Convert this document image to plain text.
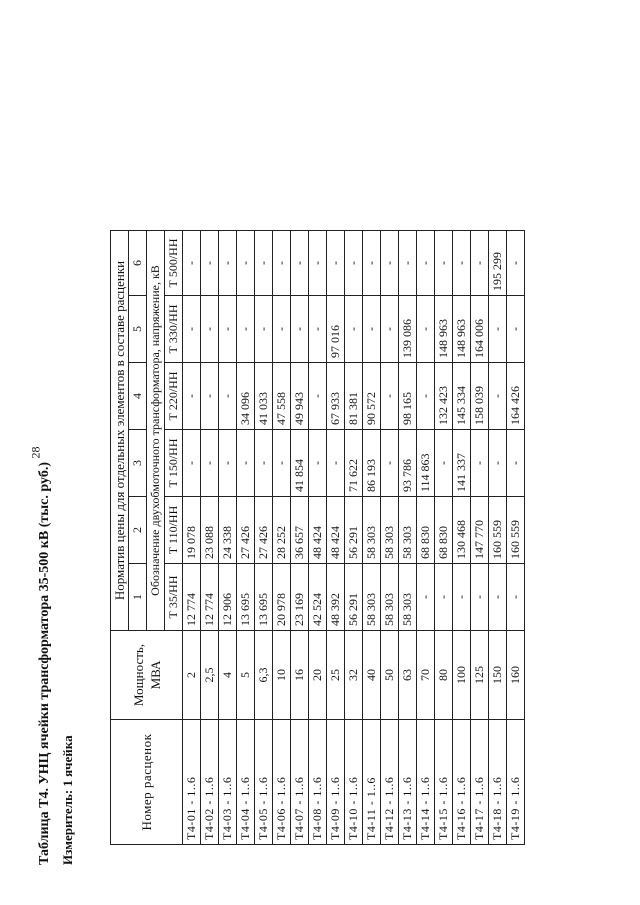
28
Таблица Т4. УНЦ ячейки трансформатора 35-500 кВ (тыс. руб.) Измеритель: 1 ячейка	Номер расценок	Мощность, МВА	Норматив цены для отдельных элементов в составе расценки					
		1	2	3	4	5	6
		Обозначение двухобмоточного трансформатора, напряжение, кВ					
		Т 35/НН	Т 110/НН	Т 150/НН	Т 220/НН	Т 330/НН	Т 500/НН
Т4-01 - 1..6	2	12 774	19 078	-	-	-	-
Т4-02 - 1..6	2,5	12 774	23 088	-	-	-	-
Т4-03 - 1..6	4	12 906	24 338	-	-	-	-
Т4-04 - 1..6	5	13 695	27 426	-	34 096	-	-
Т4-05 - 1..6	6,3	13 695	27 426	-	41 033	-	-
Т4-06 - 1..6	10	20 978	28 252	-	47 558	-	-
Т4-07 - 1..6	16	23 169	36 657	41 854	49 943	-	-
Т4-08 - 1..6	20	42 524	48 424	-	-	-	-
Т4-09 - 1..6	25	48 392	48 424	-	67 933	97 016	-
Т4-10 - 1..6	32	56 291	56 291	71 622	81 381	-	-
Т4-11 - 1..6	40	58 303	58 303	86 193	90 572	-	-
Т4-12 - 1..6	50	58 303	58 303	-	-	-	-
Т4-13 - 1..6	63	58 303	58 303	93 786	98 165	139 086	-
Т4-14 - 1..6	70	-	68 830	114 863	-	-	-
Т4-15 - 1..6	80	-	68 830	-	132 423	148 963	-
Т4-16 - 1..6	100	-	130 468	141 337	145 334	148 963	-
Т4-17 - 1..6	125	-	147 770	-	158 039	164 006	-
Т4-18 - 1..6	150	-	160 559	-	-	-	195 299
Т4-19 - 1..6	160	-	160 559	-	164 426	-	-
